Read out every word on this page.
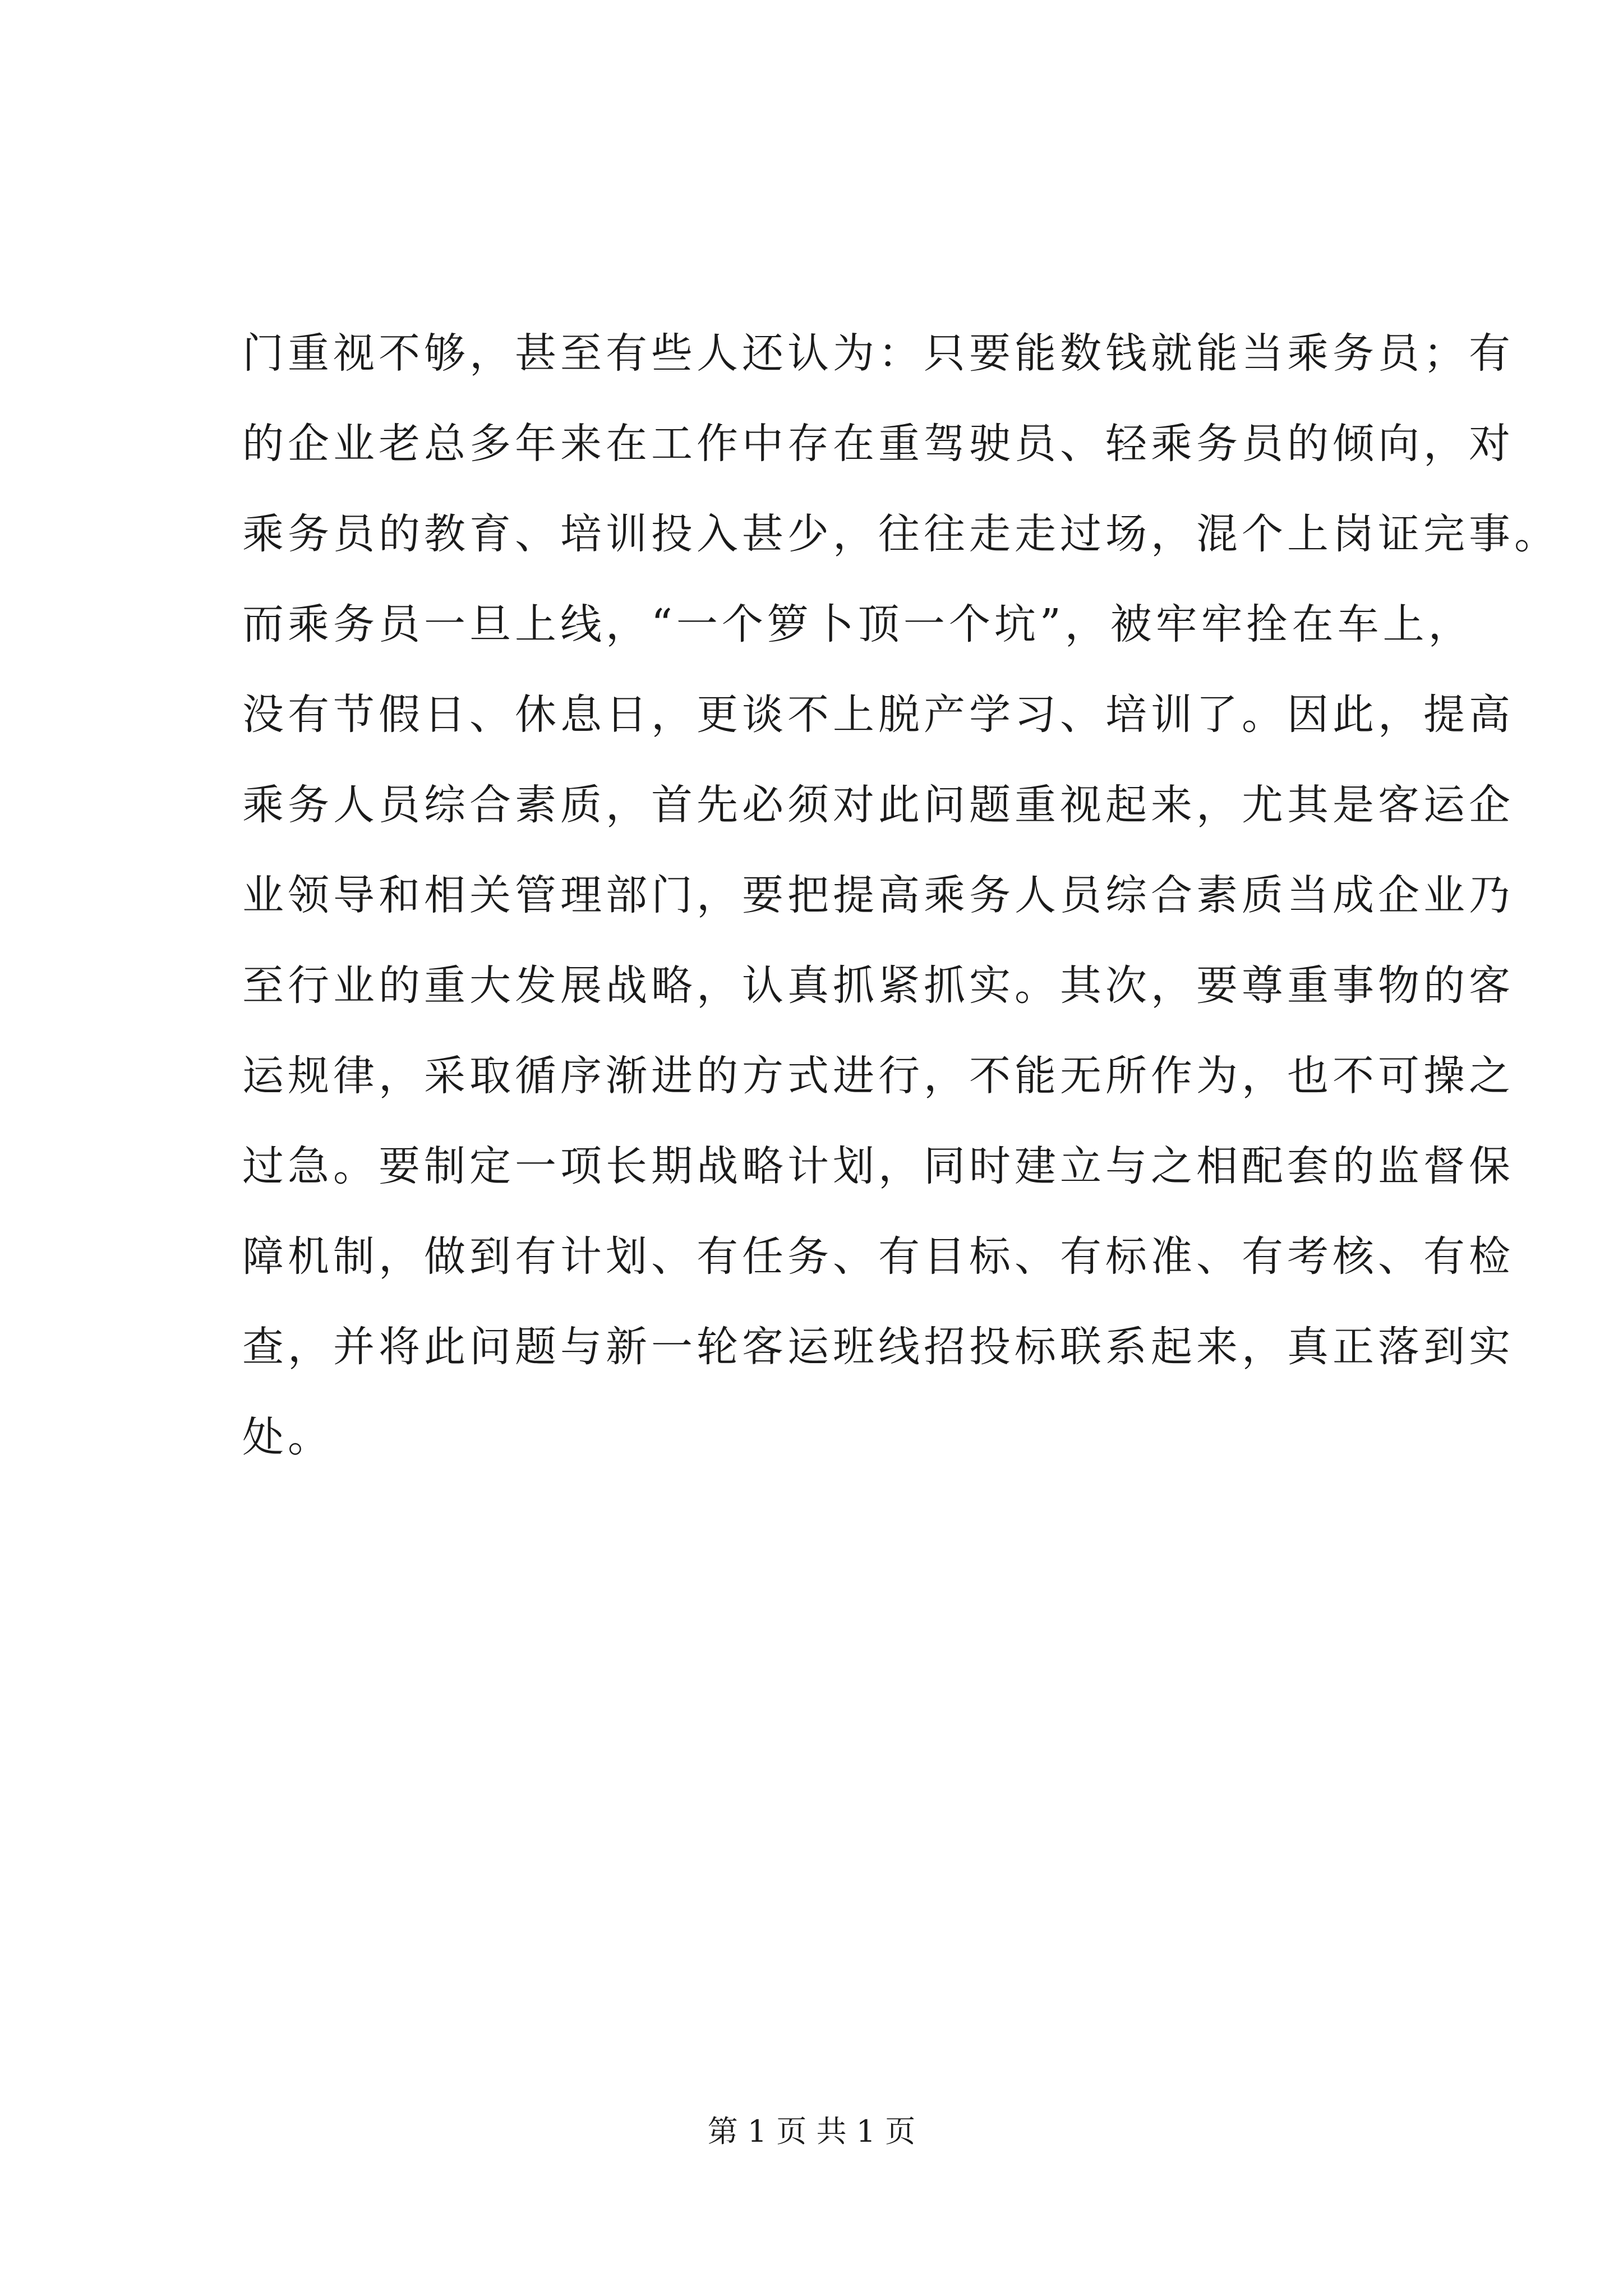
门重视不够，甚至有些人还认为：只要能数钱就能当乘务员；有
的企业老总多年来在工作中存在重驾驶员、轻乘务员的倾向，对
乘务员的教育、培训投入甚少，往往走走过场，混个上岗证完事。
而乘务员一旦上线，“一个箩卜顶一个坑”，被牢牢拴在车上，
没有节假日、休息日，更谈不上脱产学习、培训了。因此，提高
乘务人员综合素质，首先必须对此问题重视起来，尤其是客运企
业领导和相关管理部门，要把提高乘务人员综合素质当成企业乃
至行业的重大发展战略，认真抓紧抓实。其次，要尊重事物的客
运规律，采取循序渐进的方式进行，不能无所作为，也不可操之
过急。要制定一项长期战略计划，同时建立与之相配套的监督保
障机制，做到有计划、有任务、有目标、有标准、有考核、有检
查，并将此问题与新一轮客运班线招投标联系起来，真正落到实
处。
第 1 页 共 1 页
